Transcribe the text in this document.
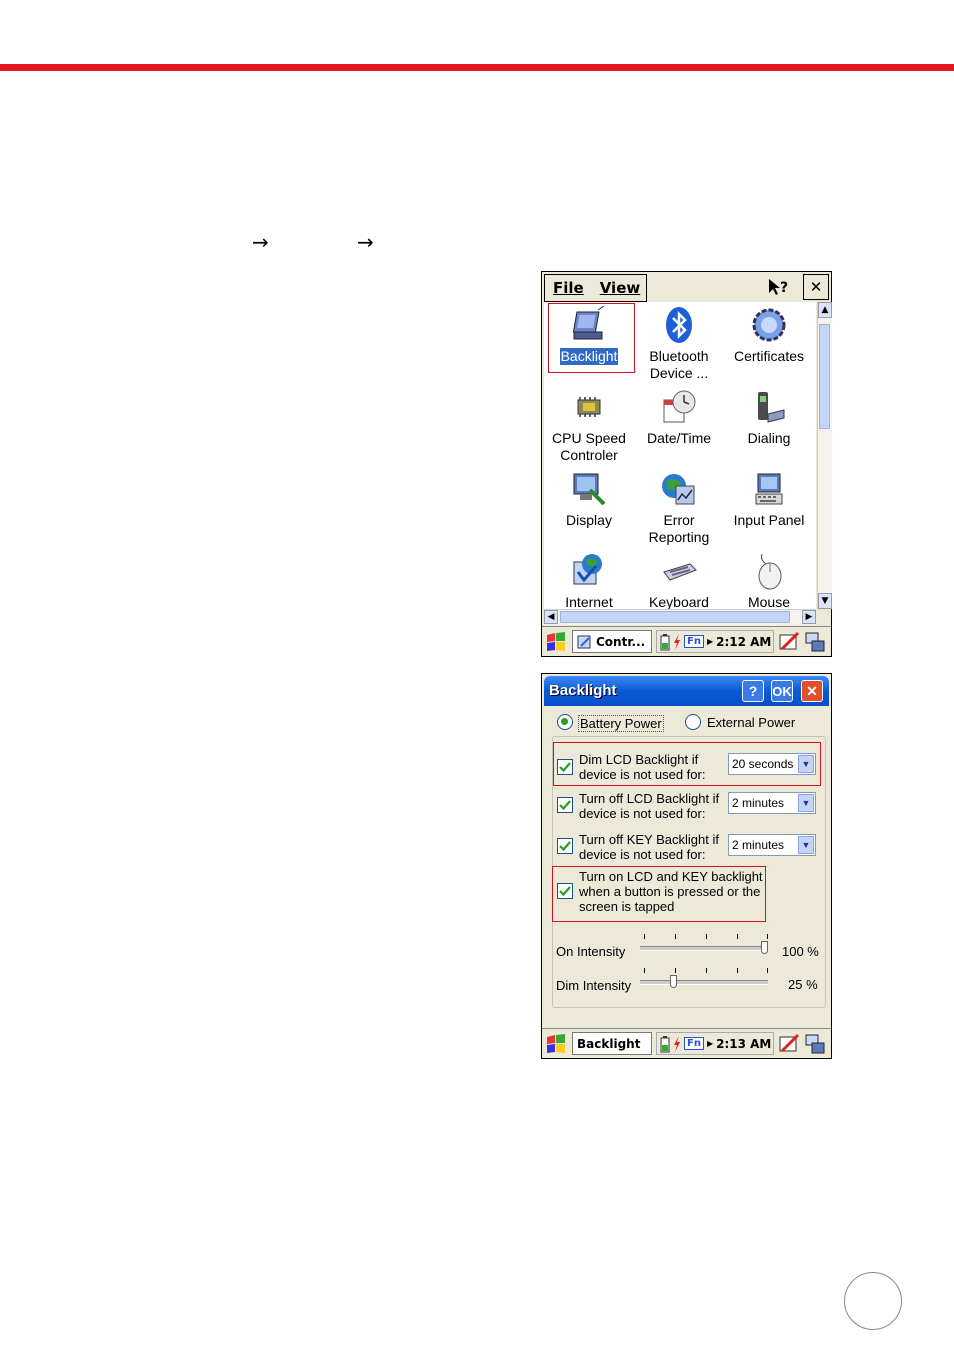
→	→
File View	? ✕
Backlight	Bluetooth Device ...
Certificates
CPU Speed Controler
Date/Time	Dialing
Display	Error Reporting
Input Panel
Internet	Keyboard	Mouse
▲
▼
◀	▶
Contr...	Fn ▶ 2:12 AM
Backlight	? OK ✕
Battery Power	External Power
Dim LCD Backlight if device is not used for:
20 seconds ▼
Turn off LCD Backlight if device is not used for:
2 minutes	▼
Turn off KEY Backlight if device is not used for:
2 minutes	▼
Turn on LCD and KEY backlight when a button is pressed or the screen is tapped
On Intensity	100 %
Dim Intensity	25 %
Backlight	Fn ▶ 2:13 AM
